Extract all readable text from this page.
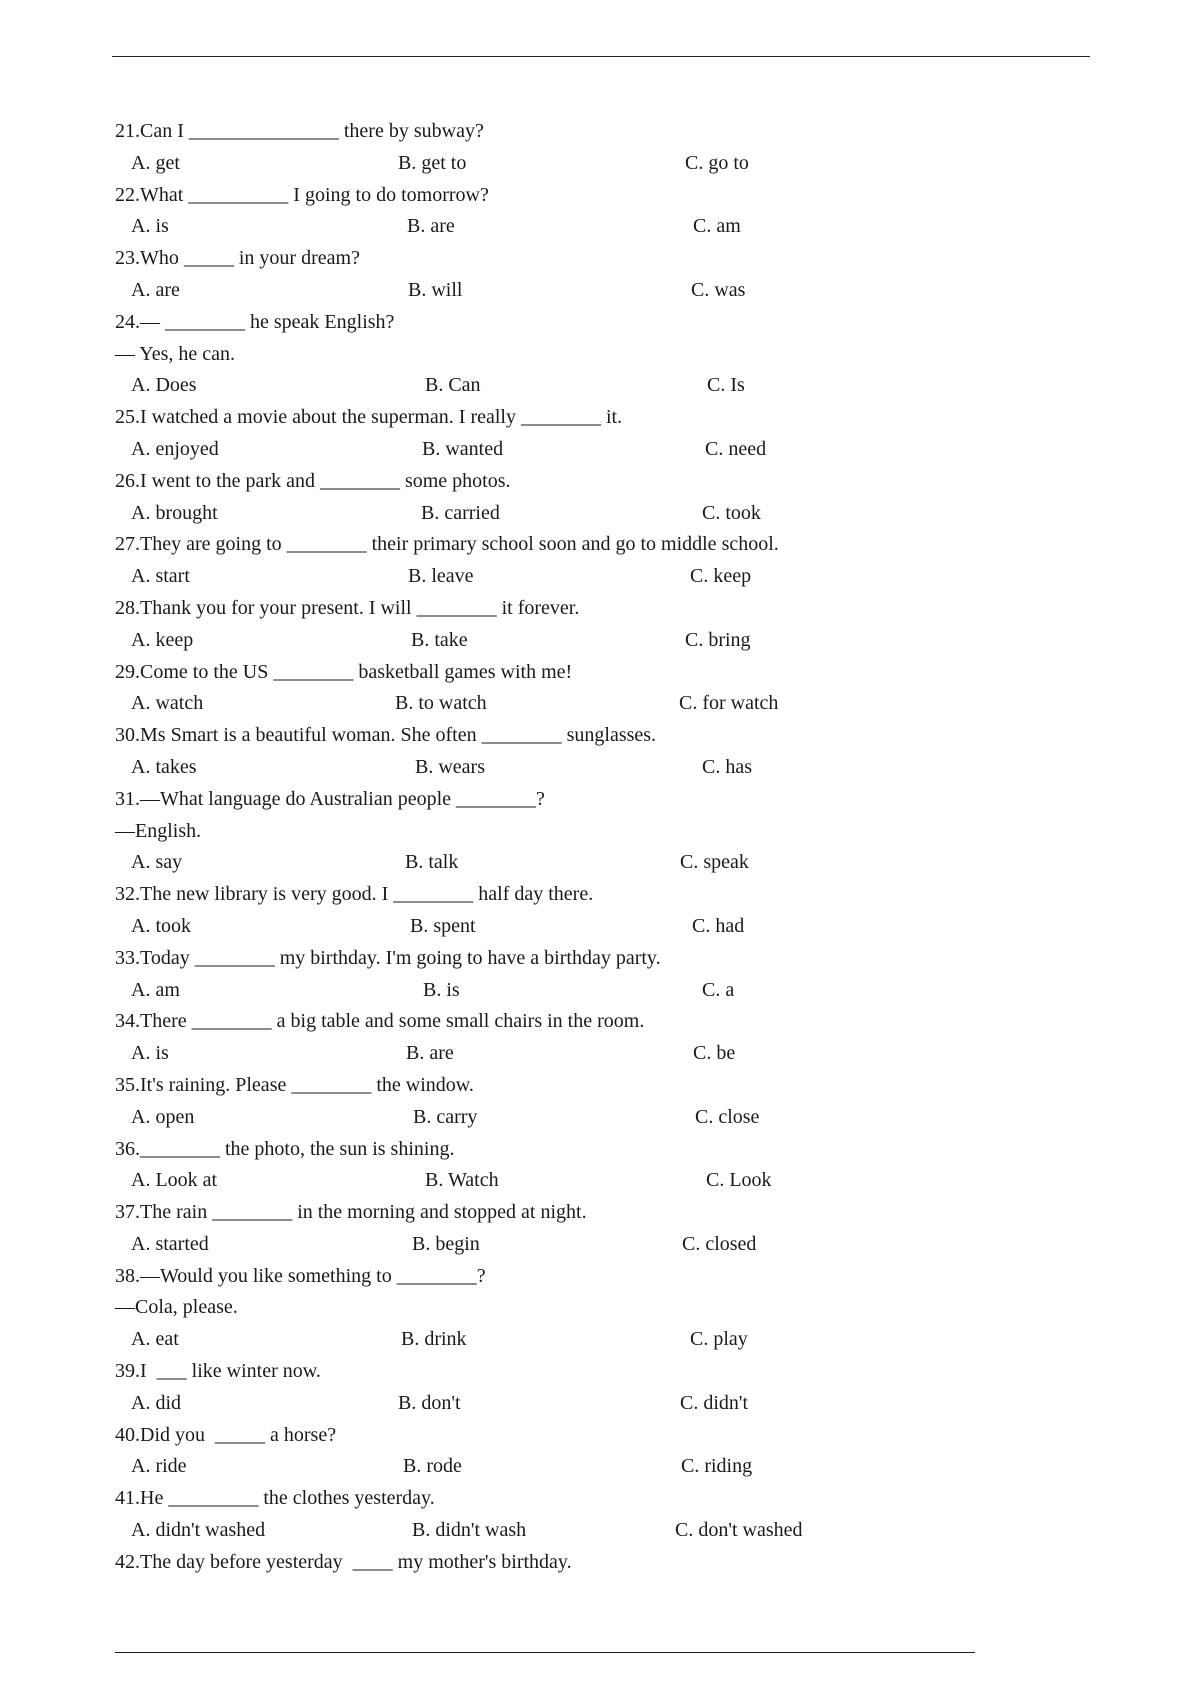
21.Can I _______________ there by subway?

A. get

	B. get to

	C. go to

22.What __________ I going to do tomorrow?

A. is

	B. are

	C. am

23.Who _____ in your dream?

A. are

	B. will

	C. was

24.— ________ he speak English?
— Yes, he can.

A. Does

	B. Can

	C. Is

25.I watched a movie about the superman. I really ________ it.

A. enjoyed

	B. wanted

	C. need

26.I went to the park and ________ some photos.

A. brought

	B. carried

	C. took

27.They are going to ________ their primary school soon and go to middle school.

A. start

	B. leave

	C. keep

28.Thank you for your present. I will ________ it forever.

A. keep

	B. take

	C. bring

29.Come to the US ________ basketball games with me!

A. watch

	B. to watch

	C. for watch

30.Ms Smart is a beautiful woman. She often ________ sunglasses.

A. takes

	B. wears

	C. has

31.—What language do Australian people ________?
—English.

A. say

	B. talk

	C. speak

32.The new library is very good. I ________ half day there.

A. took

	B. spent

	C. had

33.Today ________ my birthday. I'm going to have a birthday party.

A. am

	B. is

	C. a

34.There ________ a big table and some small chairs in the room.

A. is

	B. are

	C. be

35.It's raining. Please ________ the window.

A. open

	B. carry

	C. close

36.________ the photo, the sun is shining.

A. Look at

	B. Watch

	C. Look

37.The rain ________ in the morning and stopped at night.

A. started

	B. begin

	C. closed

38.—Would you like something to ________?
—Cola, please.

A. eat

	B. drink

	C. play

39.I  ___ like winter now.

A. did

	B. don't

	C. didn't

40.Did you  _____ a horse?

A. ride

	B. rode

	C. riding

41.He _________ the clothes yesterday.

A. didn't washed

	B. didn't wash

	C. don't washed

42.The day before yesterday  ____ my mother's birthday.
